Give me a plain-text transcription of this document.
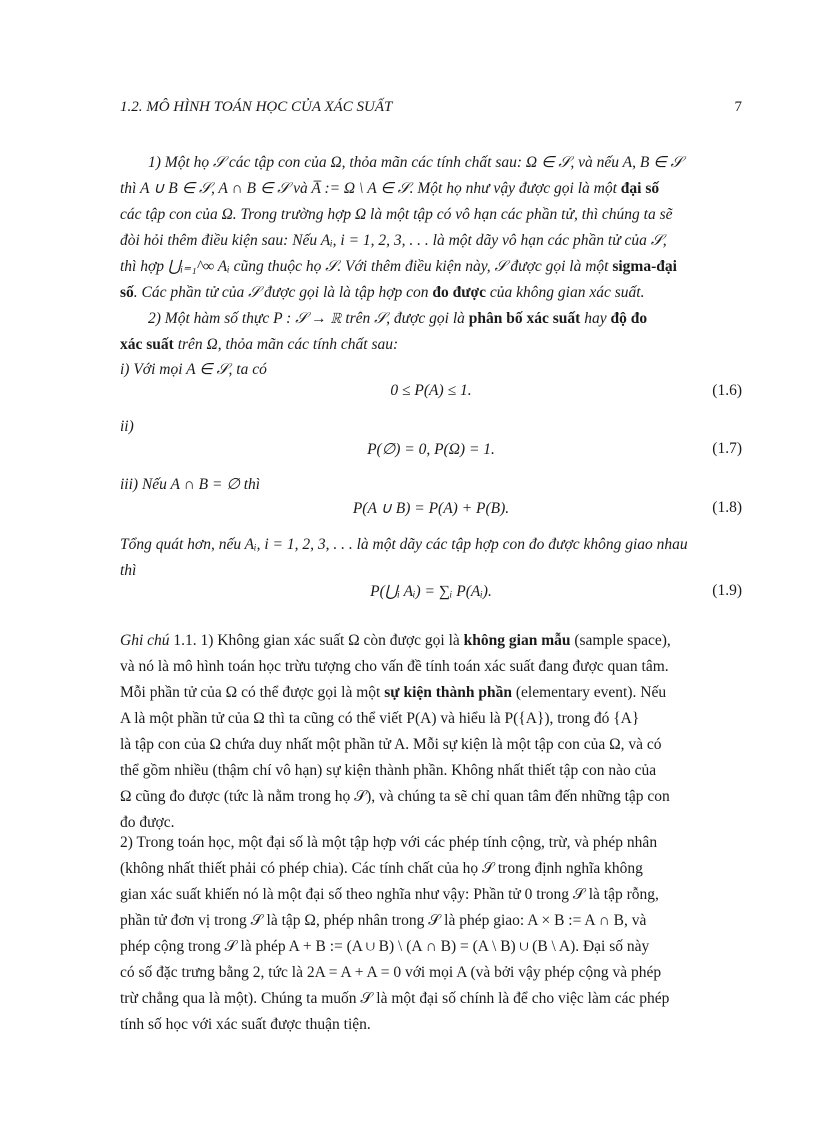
1.2. MÔ HÌNH TOÁN HỌC CỦA XÁC SUẤT	7
1) Một họ 𝒮 các tập con của Ω, thỏa mãn các tính chất sau: Ω ∈ 𝒮, và nếu A, B ∈ 𝒮
thì A ∪ B ∈ 𝒮, A ∩ B ∈ 𝒮 và A̅ := Ω \ A ∈ 𝒮. Một họ như vậy được gọi là một đại số
các tập con của Ω. Trong trường hợp Ω là một tập có vô hạn các phần tử, thì chúng ta sẽ
đòi hỏi thêm điều kiện sau: Nếu Aᵢ, i = 1, 2, 3, . . . là một dãy vô hạn các phần tử của 𝒮,
thì hợp ⋃ᵢ₌₁^∞ Aᵢ cũng thuộc họ 𝒮. Với thêm điều kiện này, 𝒮 được gọi là một sigma-đại
số. Các phần tử của 𝒮 được gọi là là tập hợp con đo được của không gian xác suất.
2) Một hàm số thực P : 𝒮 → ℝ trên 𝒮, được gọi là phân bố xác suất hay độ đo
xác suất trên Ω, thỏa mãn các tính chất sau:
i) Với mọi A ∈ 𝒮, ta có
0 ≤ P(A) ≤ 1.	(1.6)
ii)
P(∅) = 0, P(Ω) = 1.	(1.7)
iii) Nếu A ∩ B = ∅ thì
P(A ∪ B) = P(A) + P(B).	(1.8)
Tổng quát hơn, nếu Aᵢ, i = 1, 2, 3, . . . là một dãy các tập hợp con đo được không giao nhau
thì
P(⋃ᵢ Aᵢ) = ∑ᵢ P(Aᵢ).	(1.9)
Ghi chú 1.1. 1) Không gian xác suất Ω còn được gọi là không gian mẫu (sample space),
và nó là mô hình toán học trừu tượng cho vấn đề tính toán xác suất đang được quan tâm.
Mỗi phần tử của Ω có thể được gọi là một sự kiện thành phần (elementary event). Nếu
A là một phần tử của Ω thì ta cũng có thể viết P(A) và hiểu là P({A}), trong đó {A}
là tập con của Ω chứa duy nhất một phần tử A. Mỗi sự kiện là một tập con của Ω, và có
thể gồm nhiều (thậm chí vô hạn) sự kiện thành phần. Không nhất thiết tập con nào của
Ω cũng đo được (tức là nằm trong họ 𝒮), và chúng ta sẽ chỉ quan tâm đến những tập con
đo được.
2) Trong toán học, một đại số là một tập hợp với các phép tính cộng, trừ, và phép nhân
(không nhất thiết phải có phép chia). Các tính chất của họ 𝒮 trong định nghĩa không
gian xác suất khiến nó là một đại số theo nghĩa như vậy: Phần tử 0 trong 𝒮 là tập rỗng,
phần tử đơn vị trong 𝒮 là tập Ω, phép nhân trong 𝒮 là phép giao: A × B := A ∩ B, và
phép cộng trong 𝒮 là phép A + B := (A ∪ B) \ (A ∩ B) = (A \ B) ∪ (B \ A). Đại số này
có số đặc trưng bằng 2, tức là 2A = A + A = 0 với mọi A (và bởi vậy phép cộng và phép
trừ chẳng qua là một). Chúng ta muốn 𝒮 là một đại số chính là để cho việc làm các phép
tính số học với xác suất được thuận tiện.
